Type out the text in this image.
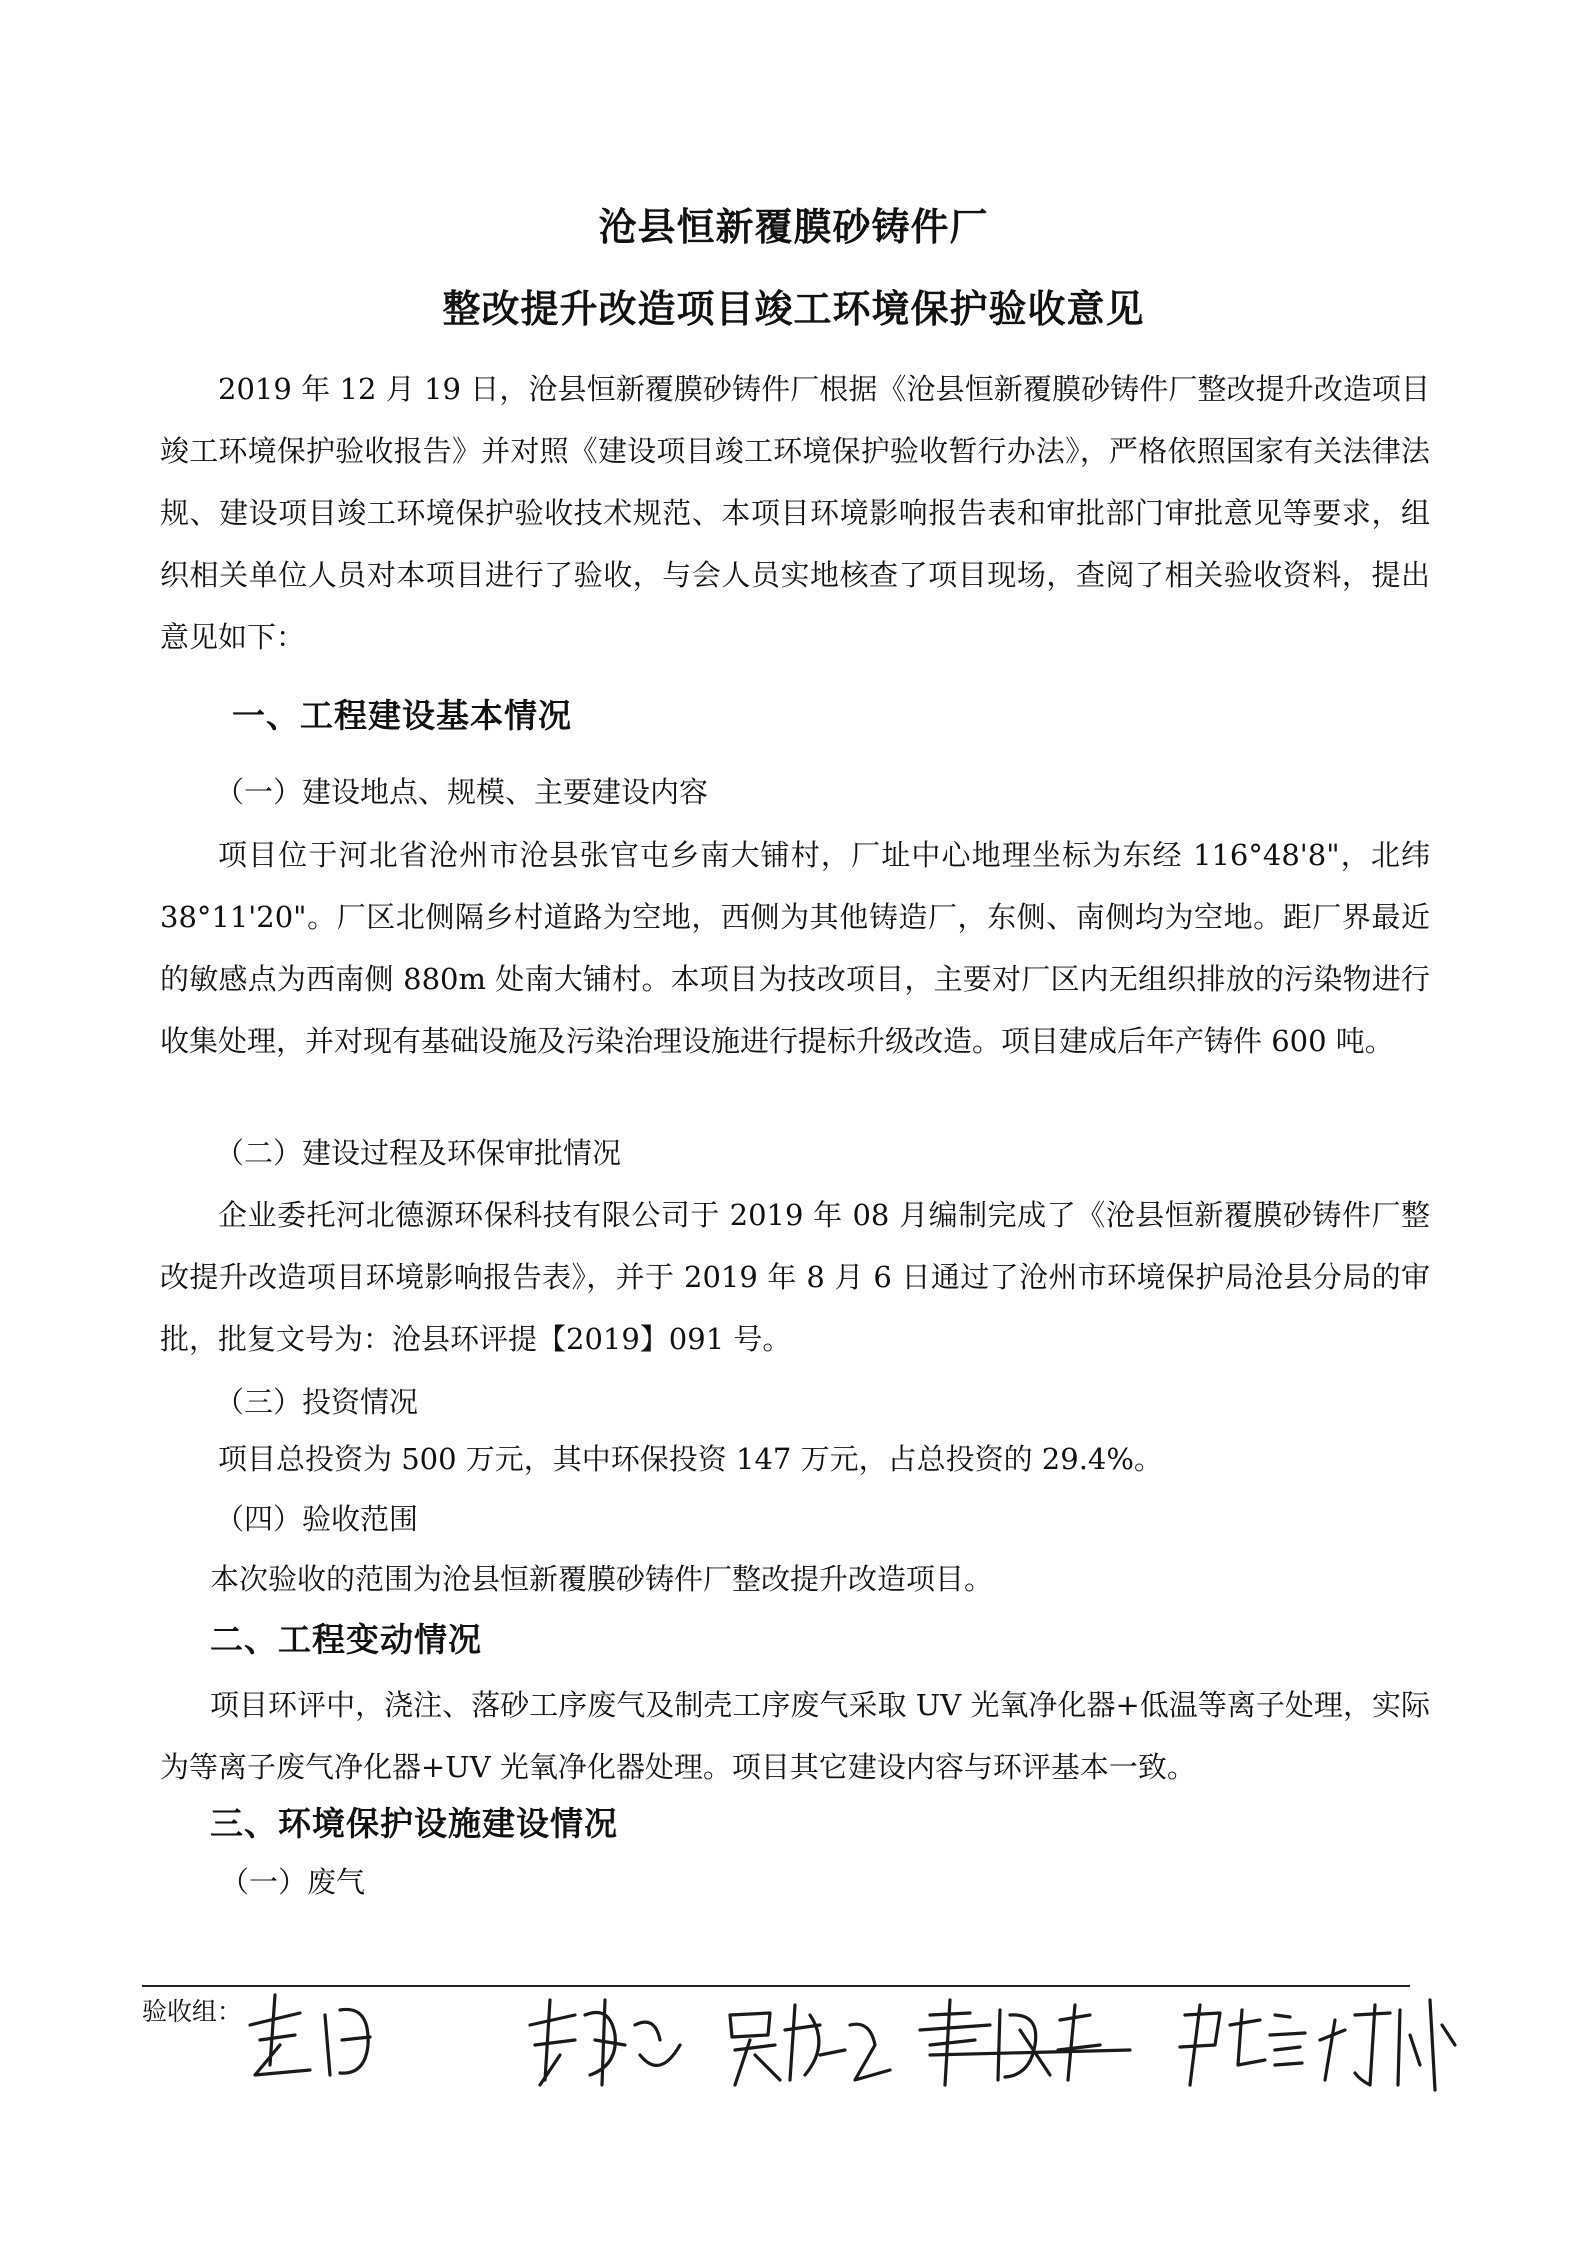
沧县恒新覆膜砂铸件厂
整改提升改造项目竣工环境保护验收意见
2019 年 12 月 19 日，沧县恒新覆膜砂铸件厂根据《沧县恒新覆膜砂铸件厂整改提升改造项目竣工环境保护验收报告》并对照《建设项目竣工环境保护验收暂行办法》，严格依照国家有关法律法规、建设项目竣工环境保护验收技术规范、本项目环境影响报告表和审批部门审批意见等要求，组织相关单位人员对本项目进行了验收，与会人员实地核查了项目现场，查阅了相关验收资料，提出意见如下：
一、工程建设基本情况
（一）建设地点、规模、主要建设内容
项目位于河北省沧州市沧县张官屯乡南大铺村，厂址中心地理坐标为东经 116°48'8"，北纬 38°11'20"。厂区北侧隔乡村道路为空地，西侧为其他铸造厂，东侧、南侧均为空地。距厂界最近的敏感点为西南侧 880m 处南大铺村。本项目为技改项目，主要对厂区内无组织排放的污染物进行收集处理，并对现有基础设施及污染治理设施进行提标升级改造。项目建成后年产铸件 600 吨。
（二）建设过程及环保审批情况
企业委托河北德源环保科技有限公司于 2019 年 08 月编制完成了《沧县恒新覆膜砂铸件厂整改提升改造项目环境影响报告表》，并于 2019 年 8 月 6 日通过了沧州市环境保护局沧县分局的审批，批复文号为：沧县环评提【2019】091 号。
（三）投资情况
项目总投资为 500 万元，其中环保投资 147 万元，占总投资的 29.4%。
（四）验收范围
本次验收的范围为沧县恒新覆膜砂铸件厂整改提升改造项目。
二、工程变动情况
项目环评中，浇注、落砂工序废气及制壳工序废气采取 UV 光氧净化器+低温等离子处理，实际为等离子废气净化器+UV 光氧净化器处理。项目其它建设内容与环评基本一致。
三、环境保护设施建设情况
（一）废气
验收组：
